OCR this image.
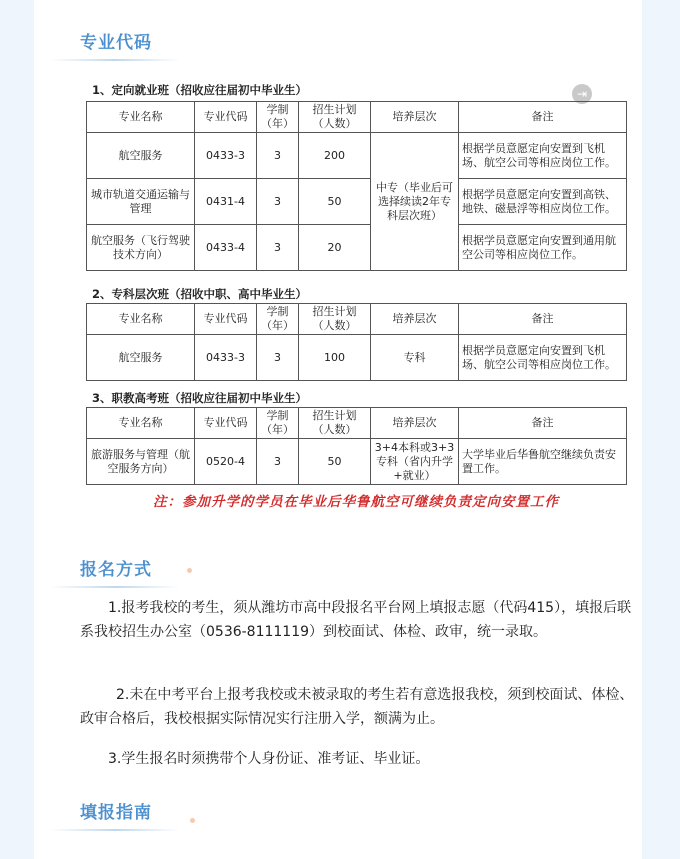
专业代码
⇥
1、定向就业班（招收应往届初中毕业生）
专业名称	专业代码	学制（年）	招生计划（人数）	培养层次	备注
航空服务	0433-3	3	200	中专（毕业后可选择续读2年专科层次班）	根据学员意愿定向安置到飞机场、航空公司等相应岗位工作。
城市轨道交通运输与管理	0431-4	3	50		根据学员意愿定向安置到高铁、地铁、磁悬浮等相应岗位工作。
航空服务（飞行驾驶技术方向）	0433-4	3	20		根据学员意愿定向安置到通用航空公司等相应岗位工作。
2、专科层次班（招收中职、高中毕业生）
专业名称	专业代码	学制（年）	招生计划（人数）	培养层次	备注
航空服务	0433-3	3	100	专科	根据学员意愿定向安置到飞机场、航空公司等相应岗位工作。
3、职教高考班（招收应往届初中毕业生）
专业名称	专业代码	学制（年）	招生计划（人数）	培养层次	备注
旅游服务与管理（航空服务方向）	0520-4	3	50	3+4本科或3+3专科（省内升学+就业）	大学毕业后华鲁航空继续负责安置工作。
注：参加升学的学员在毕业后华鲁航空可继续负责定向安置工作
报名方式

1.报考我校的考生，须从潍坊市高中段报名平台网上填报志愿（代码415），填报后联系我校招生办公室（0536-8111119）到校面试、体检、政审，统一录取。

2.未在中考平台上报考我校或未被录取的考生若有意选报我校，须到校面试、体检、政审合格后，我校根据实际情况实行注册入学，额满为止。

3.学生报名时须携带个人身份证、准考证、毕业证。

填报指南
